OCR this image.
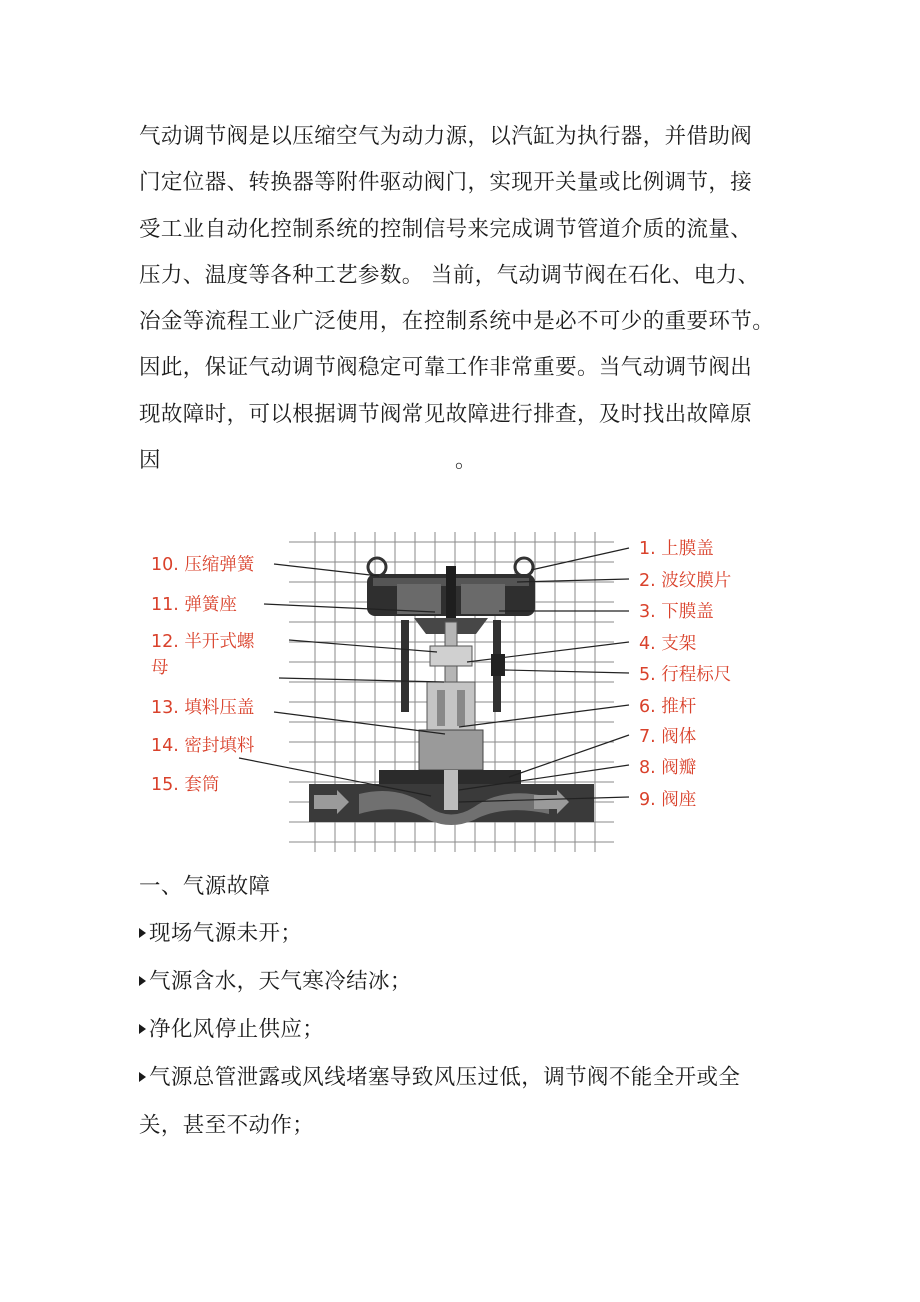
气动调节阀是以压缩空气为动力源，以汽缸为执行器，并借助阀
门定位器、转换器等附件驱动阀门，实现开关量或比例调节，接
受工业自动化控制系统的控制信号来完成调节管道介质的流量、
压力、温度等各种工艺参数。 当前，气动调节阀在石化、电力、
冶金等流程工业广泛使用，在控制系统中是必不可少的重要环节。
因此，保证气动调节阀稳定可靠工作非常重要。当气动调节阀出
现故障时，可以根据调节阀常见故障进行排查，及时找出故障原
因	。
1. 上膜盖
2. 波纹膜片
3. 下膜盖
4. 支架
5. 行程标尺
6. 推杆
7. 阀体
8. 阀瓣
9. 阀座
10. 压缩弹簧
11. 弹簧座
12. 半开式螺
母
13. 填料压盖
14. 密封填料
15. 套筒
一、气源故障
现场气源未开；
气源含水，天气寒冷结冰；
净化风停止供应；
气源总管泄露或风线堵塞导致风压过低，调节阀不能全开或全
关，甚至不动作；
